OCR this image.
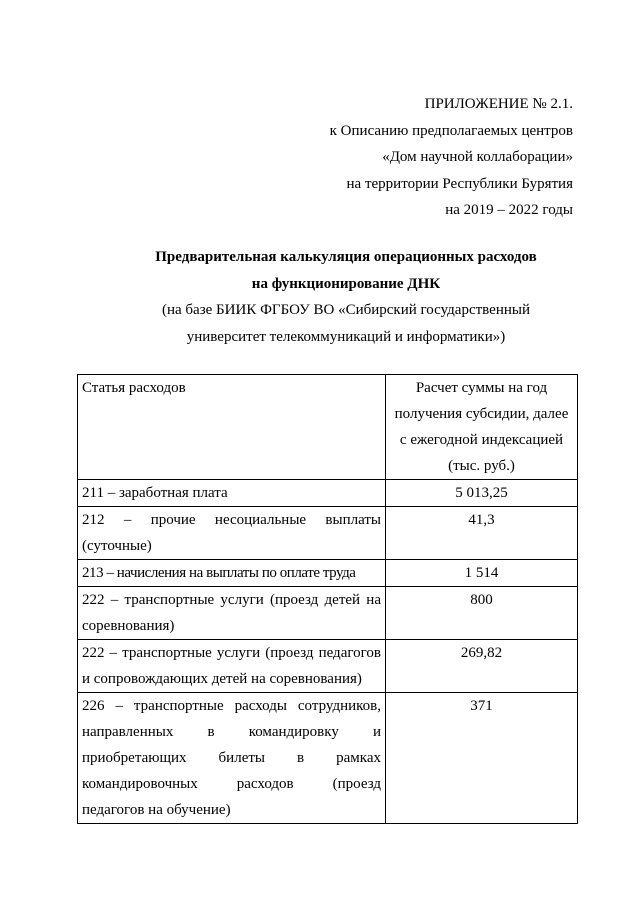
ПРИЛОЖЕНИЕ № 2.1.
к Описанию предполагаемых центров
«Дом научной коллаборации»
на территории Республики Бурятия
на 2019 – 2022 годы
Предварительная калькуляция операционных расходов
на функционирование ДНК
(на базе БИИК ФГБОУ ВО «Сибирский государственный
университет телекоммуникаций и информатики»)
Статья расходов	Расчет суммы на год
получения субсидии, далее
с ежегодной индексацией
(тыс. руб.)

211 – заработная плата	5 013,25

212 – прочие несоциальные выплаты
(суточные)	41,3

213 – начисления на выплаты по оплате труда	1 514

222 – транспортные услуги (проезд детей на
соревнования)	800

222 – транспортные услуги (проезд педагогов
и сопровождающих детей на соревнования)	269,82

226 – транспортные расходы сотрудников,
направленных в командировку и
приобретающих билеты в рамках
командировочных расходов (проезд
педагогов на обучение)	371
